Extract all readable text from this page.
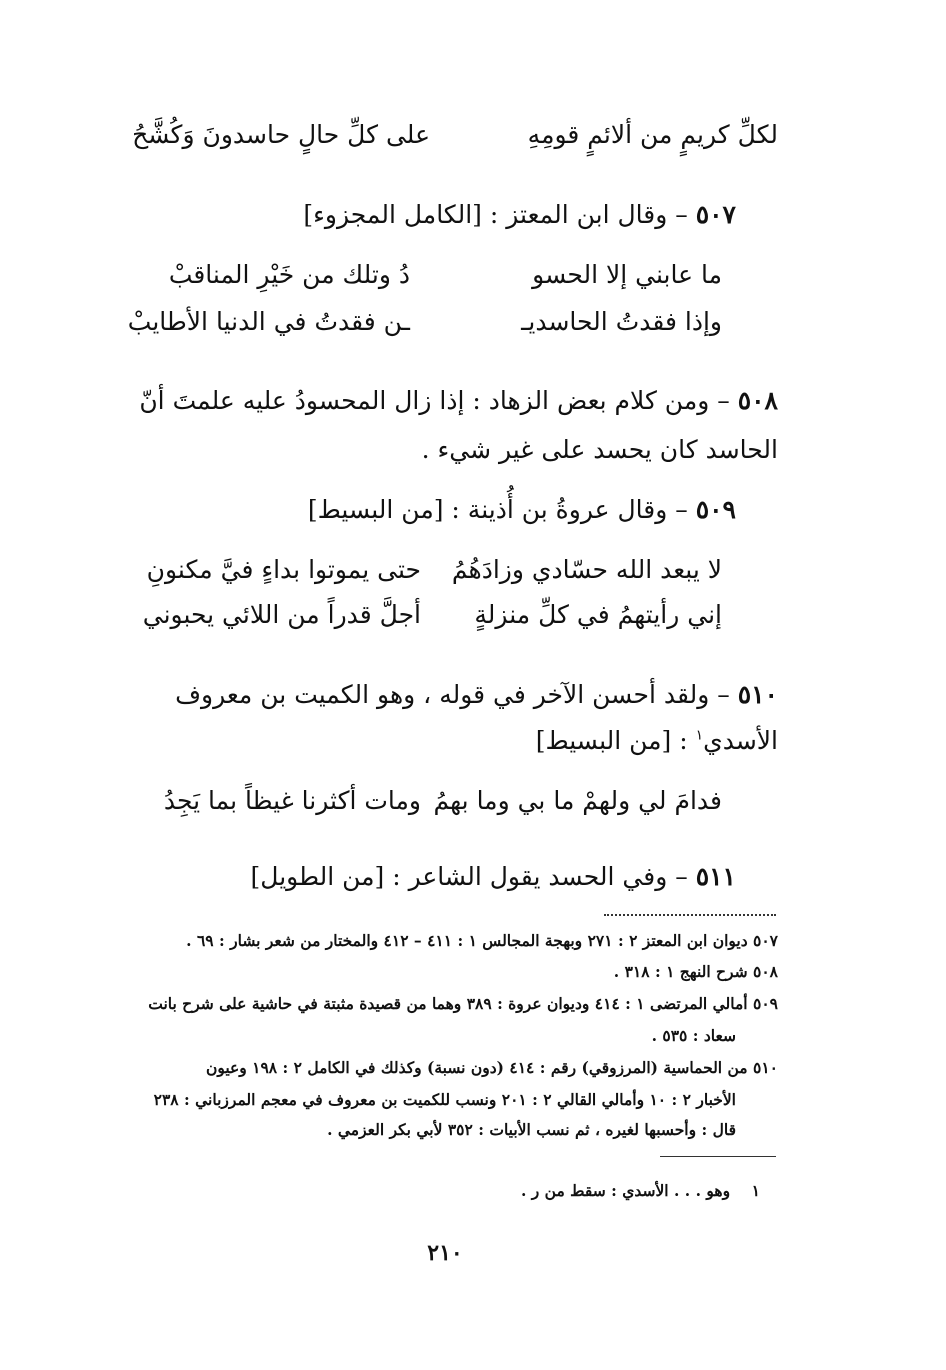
لكلِّ كريمٍ من ألائمٍ قومِهِ
على كلِّ حالٍ حاسدونَ وَكُشَّحُ
٥٠٧ – وقال ابن المعتز : [الكامل المجزوء]
ما عابني إلا الحسو
دُ وتلك من خَيْرِ المناقبْ
وإذا فقدتُ الحاسديـ
ـن فقدتُ في الدنيا الأطايبْ
٥٠٨ – ومن كلام بعض الزهاد : إذا زال المحسودُ عليه علمتَ أنّ
الحاسد كان يحسد على غير شيء .
٥٠٩ – وقال عروةُ بن أُذينة : [من البسيط]
لا يبعد الله حسّادي وزادَهُمُ
حتى يموتوا بداءٍ فيَّ مكنونِ
إني رأيتهمُ في كلِّ منزلةٍ
أجلَّ قدراً من اللائي يحبوني
٥١٠ – ولقد أحسن الآخر في قوله ، وهو الكميت بن معروف
الأسدي$^١$ : [من البسيط]
فدامَ لي ولهمْ ما بي وما بهمُ
ومات أكثرنا غيظاً بما يَجِدُ
٥١١ – وفي الحسد يقول الشاعر : [من الطويل]
٥٠٧ ديوان ابن المعتز ٢ : ٢٧١ وبهجة المجالس ١ : ٤١١ – ٤١٢ والمختار من شعر بشار : ٦٩ .
٥٠٨ شرح النهج ١ : ٣١٨ .
٥٠٩ أمالي المرتضى ١ : ٤١٤ وديوان عروة : ٣٨٩ وهما من قصيدة مثبتة في حاشية على شرح بانت
سعاد : ٥٣٥ .
٥١٠ من الحماسية (المرزوقي) رقم : ٤١٤ (دون نسبة) وكذلك في الكامل ٢ : ١٩٨ وعيون
الأخبار ٢ : ١٠ وأمالي القالي ٢ : ٢٠١ ونسب للكميت بن معروف في معجم المرزباني : ٢٣٨
قال : وأحسبها لغيره ، ثم نسب الأبيات : ٣٥٢ لأبي بكر العزمي .
١    وهو . . . الأسدي : سقط من ر .
٢١٠
